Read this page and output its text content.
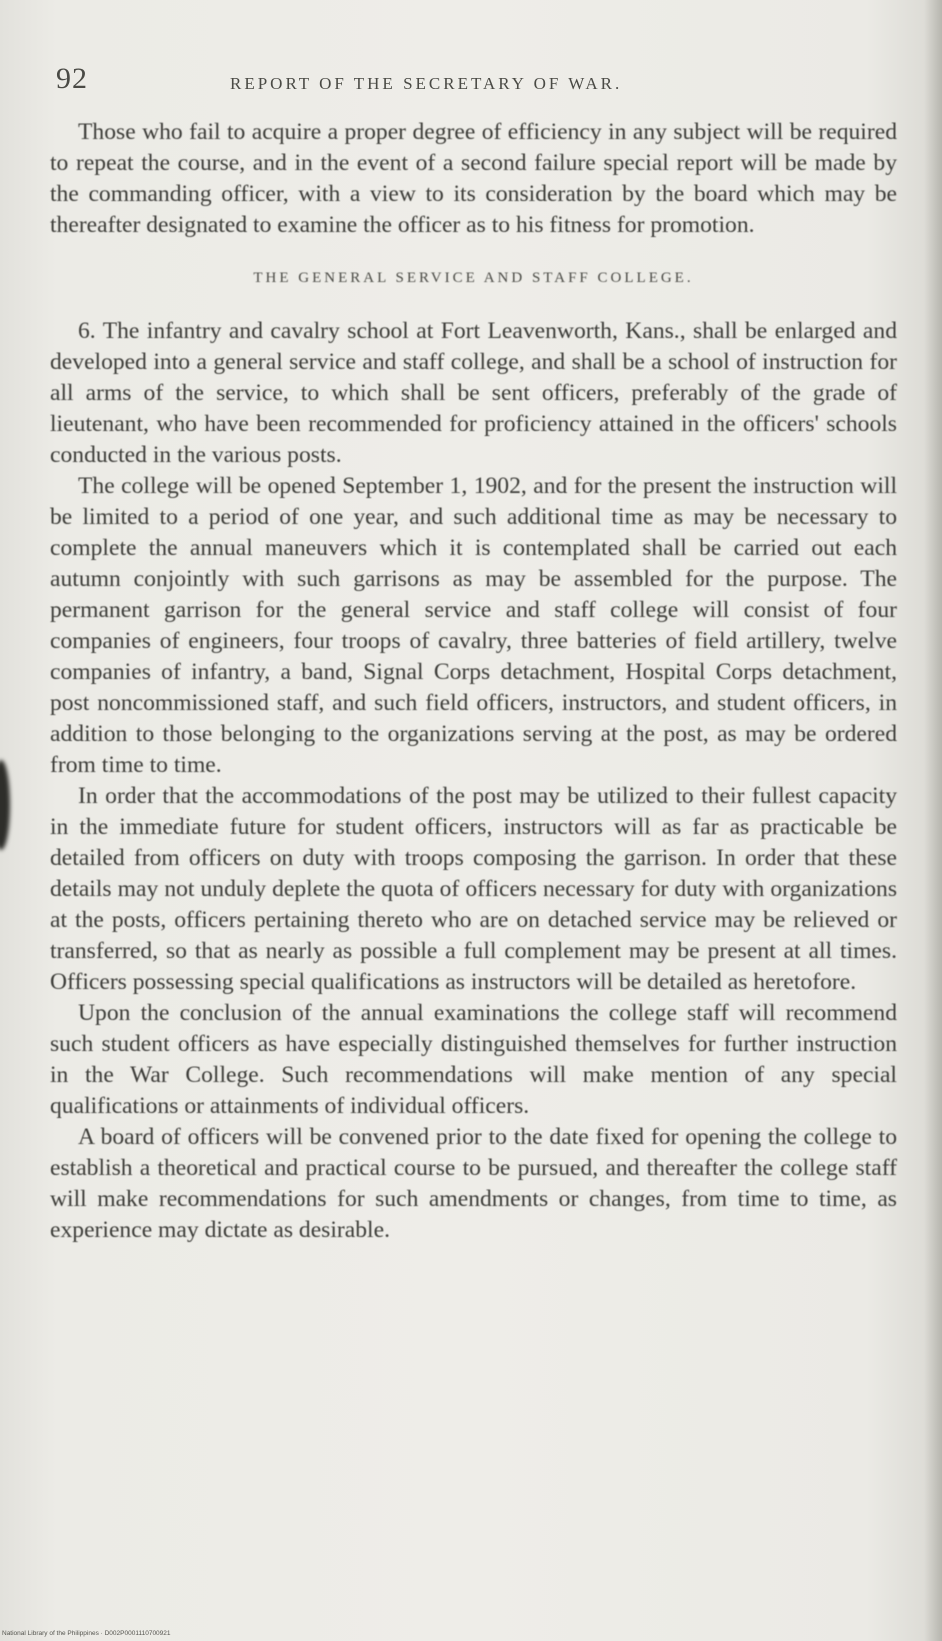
92	REPORT OF THE SECRETARY OF WAR.

Those who fail to acquire a proper degree of efficiency in any subject will be required to repeat the course, and in the event of a second failure special report will be made by the commanding officer, with a view to its consideration by the board which may be thereafter designated to examine the officer as to his fitness for promotion.

THE GENERAL SERVICE AND STAFF COLLEGE.

6. The infantry and cavalry school at Fort Leavenworth, Kans., shall be enlarged and developed into a general service and staff college, and shall be a school of instruction for all arms of the service, to which shall be sent officers, preferably of the grade of lieutenant, who have been recommended for proficiency attained in the officers' schools conducted in the various posts.

The college will be opened September 1, 1902, and for the present the instruction will be limited to a period of one year, and such additional time as may be necessary to complete the annual maneuvers which it is contemplated shall be carried out each autumn conjointly with such garrisons as may be assembled for the purpose. The permanent garrison for the general service and staff college will consist of four companies of engineers, four troops of cavalry, three batteries of field artillery, twelve companies of infantry, a band, Signal Corps detachment, Hospital Corps detachment, post noncommissioned staff, and such field officers, instructors, and student officers, in addition to those belonging to the organizations serving at the post, as may be ordered from time to time.

In order that the accommodations of the post may be utilized to their fullest capacity in the immediate future for student officers, instructors will as far as practicable be detailed from officers on duty with troops composing the garrison. In order that these details may not unduly deplete the quota of officers necessary for duty with organizations at the posts, officers pertaining thereto who are on detached service may be relieved or transferred, so that as nearly as possible a full complement may be present at all times. Officers possessing special qualifications as instructors will be detailed as heretofore.

Upon the conclusion of the annual examinations the college staff will recommend such student officers as have especially distinguished themselves for further instruction in the War College. Such recommendations will make mention of any special qualifications or attainments of individual officers.

A board of officers will be convened prior to the date fixed for opening the college to establish a theoretical and practical course to be pursued, and thereafter the college staff will make recommendations for such amendments or changes, from time to time, as experience may dictate as desirable.

National Library of the Philippines · D002P0001110700921
